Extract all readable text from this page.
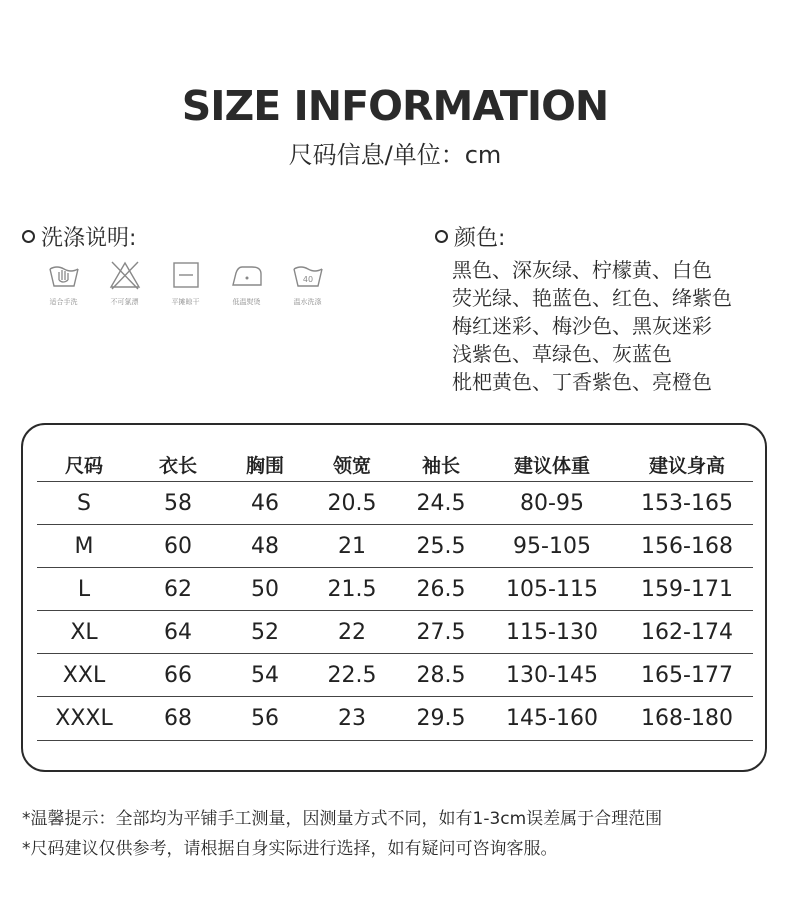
SIZE INFORMATION
尺码信息/单位：cm
洗涤说明:
适合手洗	不可氯漂	平摊晾干	低温熨烫
40
温水洗涤
颜色:
黑色、深灰绿、柠檬黄、白色
荧光绿、艳蓝色、红色、绛紫色
梅红迷彩、梅沙色、黑灰迷彩
浅紫色、草绿色、灰蓝色
枇杷黄色、丁香紫色、亮橙色
尺码	衣长	胸围	领宽	袖长	建议体重	建议身高
S	58	46	20.5	24.5	80-95	153-165
M	60	48	21	25.5	95-105	156-168
L	62	50	21.5	26.5	105-115	159-171
XL	64	52	22	27.5	115-130	162-174
XXL	66	54	22.5	28.5	130-145	165-177
XXXL	68	56	23	29.5	145-160	168-180
*温馨提示：全部均为平铺手工测量，因测量方式不同，如有1-3cm误差属于合理范围
*尺码建议仅供参考，请根据自身实际进行选择，如有疑问可咨询客服。
